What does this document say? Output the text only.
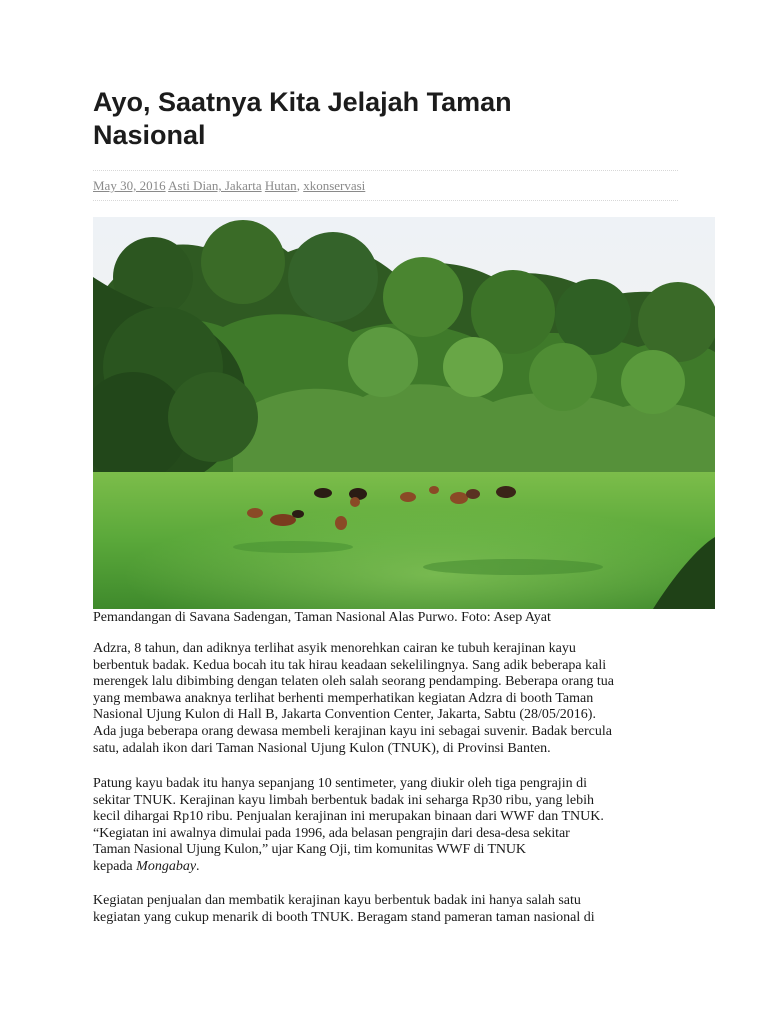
Ayo, Saatnya Kita Jelajah Taman
Nasional
May 30, 2016 Asti Dian, Jakarta Hutan, xkonservasi
Pemandangan di Savana Sadengan, Taman Nasional Alas Purwo. Foto: Asep Ayat
Adzra, 8 tahun, dan adiknya terlihat asyik menorehkan cairan ke tubuh kerajinan kayu
berbentuk badak. Kedua bocah itu tak hirau keadaan sekelilingnya. Sang adik beberapa kali
merengek lalu dibimbing dengan telaten oleh salah seorang pendamping. Beberapa orang tua
yang membawa anaknya terlihat berhenti memperhatikan kegiatan Adzra di booth Taman
Nasional Ujung Kulon di Hall B, Jakarta Convention Center, Jakarta, Sabtu (28/05/2016).
Ada juga beberapa orang dewasa membeli kerajinan kayu ini sebagai suvenir. Badak bercula
satu, adalah ikon dari Taman Nasional Ujung Kulon (TNUK), di Provinsi Banten.
Patung kayu badak itu hanya sepanjang 10 sentimeter, yang diukir oleh tiga pengrajin di
sekitar TNUK. Kerajinan kayu limbah berbentuk badak ini seharga Rp30 ribu, yang lebih
kecil dihargai Rp10 ribu. Penjualan kerajinan ini merupakan binaan dari WWF dan TNUK.
“Kegiatan ini awalnya dimulai pada 1996, ada belasan pengrajin dari desa-desa sekitar
Taman Nasional Ujung Kulon,” ujar Kang Oji, tim komunitas WWF di TNUK
kepada Mongabay.
Kegiatan penjualan dan membatik kerajinan kayu berbentuk badak ini hanya salah satu
kegiatan yang cukup menarik di booth TNUK. Beragam stand pameran taman nasional di
